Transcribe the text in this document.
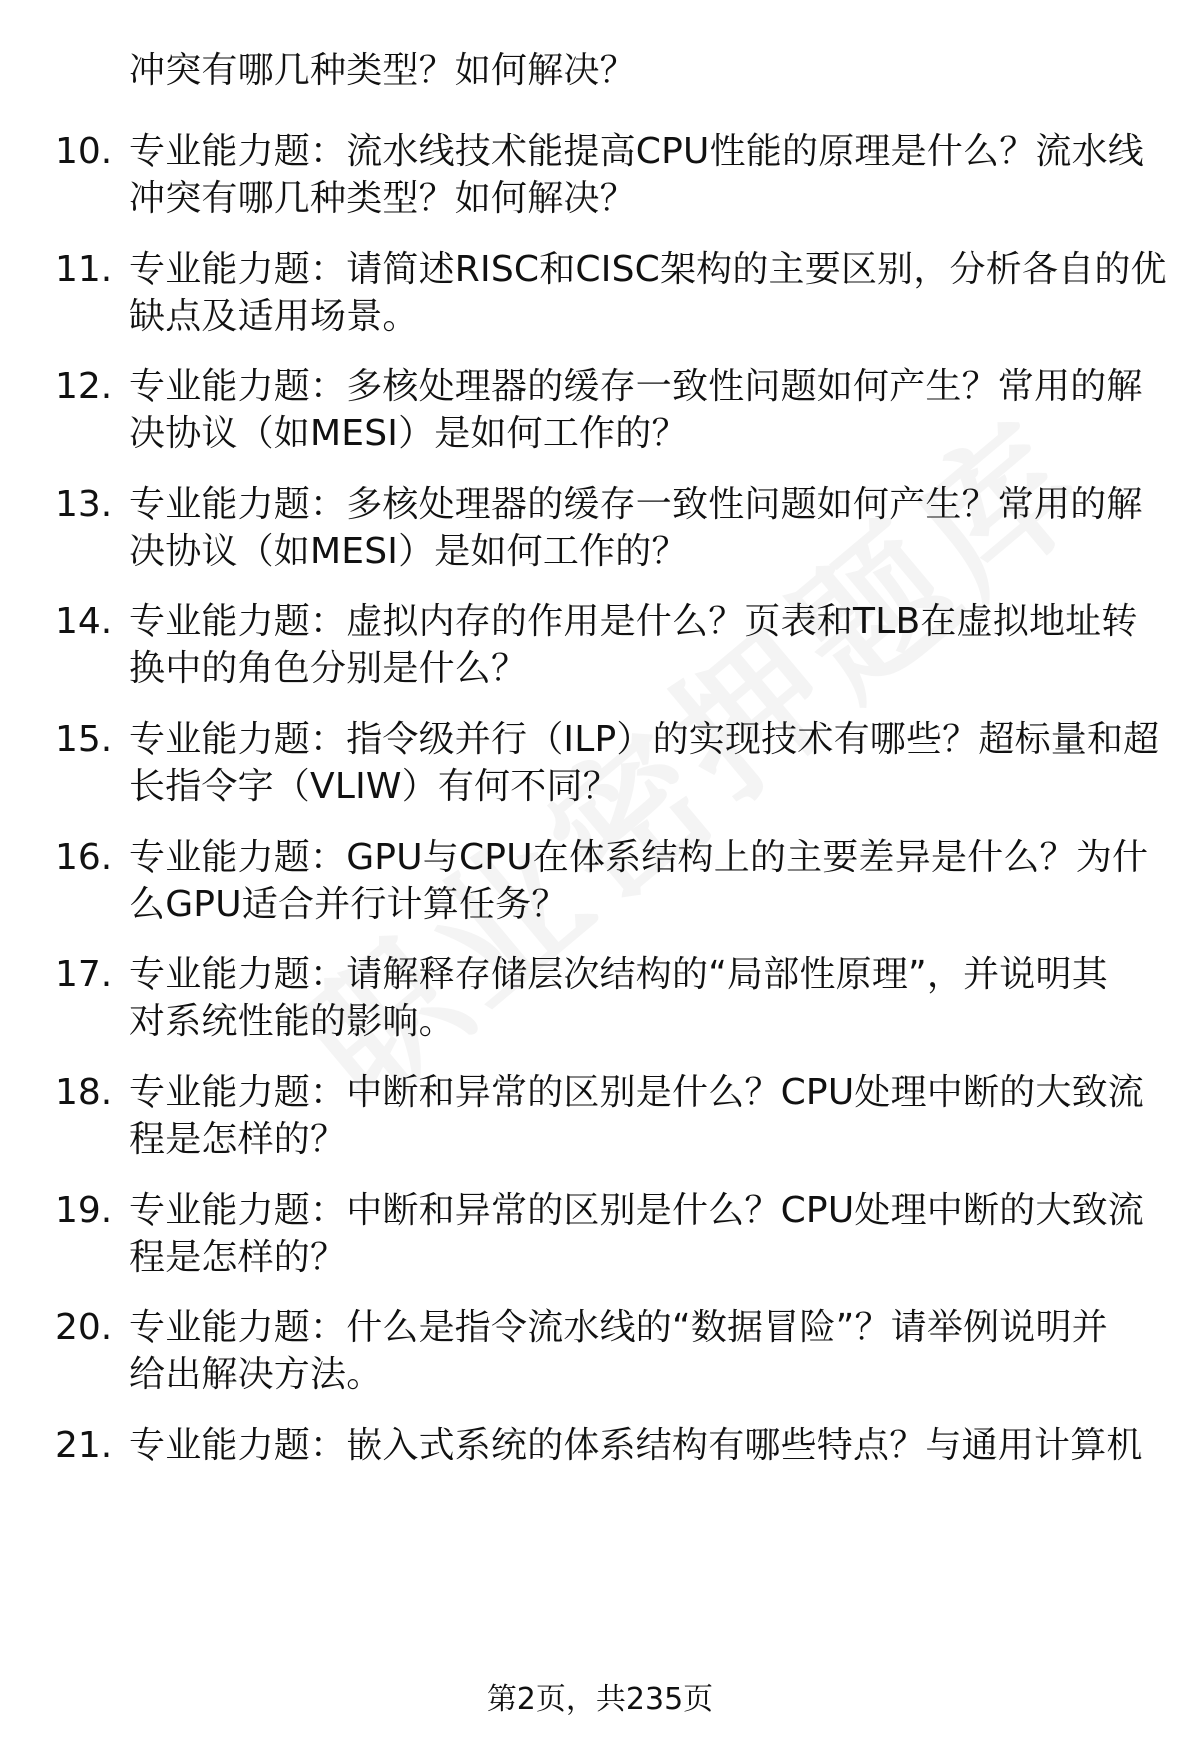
冲突有哪几种类型？如何解决？
10. 专业能力题：流水线技术能提高CPU性能的原理是什么？流水线
冲突有哪几种类型？如何解决？
11. 专业能力题：请简述RISC和CISC架构的主要区别，分析各自的优
缺点及适用场景。
12. 专业能力题：多核处理器的缓存一致性问题如何产生？常用的解
决协议（如MESI）是如何工作的？
13. 专业能力题：多核处理器的缓存一致性问题如何产生？常用的解
决协议（如MESI）是如何工作的？
14. 专业能力题：虚拟内存的作用是什么？页表和TLB在虚拟地址转
换中的角色分别是什么？
15. 专业能力题：指令级并行（ILP）的实现技术有哪些？超标量和超
长指令字（VLIW）有何不同？
16. 专业能力题：GPU与CPU在体系结构上的主要差异是什么？为什
么GPU适合并行计算任务？
17. 专业能力题：请解释存储层次结构的“局部性原理”，并说明其
对系统性能的影响。
18. 专业能力题：中断和异常的区别是什么？CPU处理中断的大致流
程是怎样的？
19. 专业能力题：中断和异常的区别是什么？CPU处理中断的大致流
程是怎样的？
20. 专业能力题：什么是指令流水线的“数据冒险”？请举例说明并
给出解决方法。
21. 专业能力题：嵌入式系统的体系结构有哪些特点？与通用计算机
第2页，共235页
